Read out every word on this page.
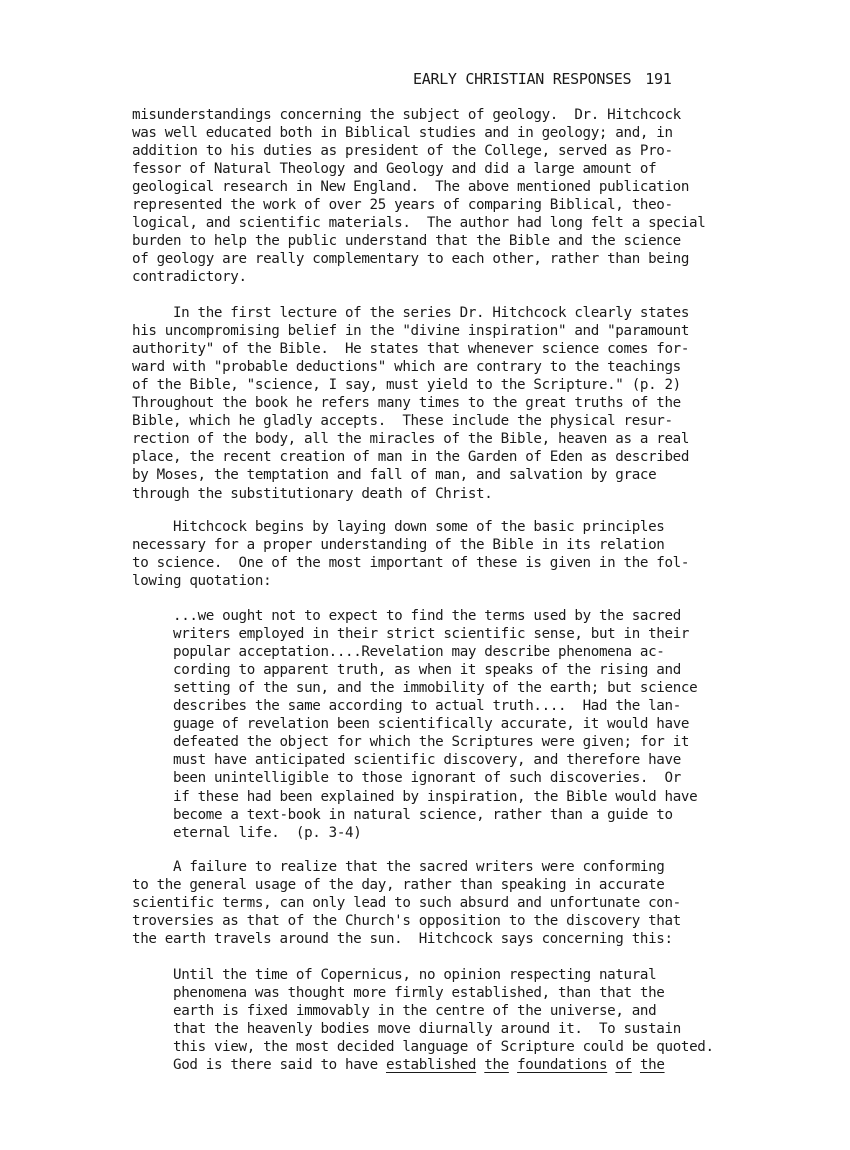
EARLY CHRISTIAN RESPONSES 191
misunderstandings concerning the subject of geology.  Dr. Hitchcock
was well educated both in Biblical studies and in geology; and, in
addition to his duties as president of the College, served as Pro-
fessor of Natural Theology and Geology and did a large amount of
geological research in New England.  The above mentioned publication
represented the work of over 25 years of comparing Biblical, theo-
logical, and scientific materials.  The author had long felt a special
burden to help the public understand that the Bible and the science
of geology are really complementary to each other, rather than being
contradictory.
In the first lecture of the series Dr. Hitchcock clearly states
his uncompromising belief in the "divine inspiration" and "paramount
authority" of the Bible.  He states that whenever science comes for-
ward with "probable deductions" which are contrary to the teachings
of the Bible, "science, I say, must yield to the Scripture." (p. 2)
Throughout the book he refers many times to the great truths of the
Bible, which he gladly accepts.  These include the physical resur-
rection of the body, all the miracles of the Bible, heaven as a real
place, the recent creation of man in the Garden of Eden as described
by Moses, the temptation and fall of man, and salvation by grace
through the substitutionary death of Christ.
Hitchcock begins by laying down some of the basic principles
necessary for a proper understanding of the Bible in its relation
to science.  One of the most important of these is given in the fol-
lowing quotation:
...we ought not to expect to find the terms used by the sacred
writers employed in their strict scientific sense, but in their
popular acceptation....Revelation may describe phenomena ac-
cording to apparent truth, as when it speaks of the rising and
setting of the sun, and the immobility of the earth; but science
describes the same according to actual truth....  Had the lan-
guage of revelation been scientifically accurate, it would have
defeated the object for which the Scriptures were given; for it
must have anticipated scientific discovery, and therefore have
been unintelligible to those ignorant of such discoveries.  Or
if these had been explained by inspiration, the Bible would have
become a text-book in natural science, rather than a guide to
eternal life.  (p. 3-4)
A failure to realize that the sacred writers were conforming
to the general usage of the day, rather than speaking in accurate
scientific terms, can only lead to such absurd and unfortunate con-
troversies as that of the Church's opposition to the discovery that
the earth travels around the sun.  Hitchcock says concerning this:
Until the time of Copernicus, no opinion respecting natural
phenomena was thought more firmly established, than that the
earth is fixed immovably in the centre of the universe, and
that the heavenly bodies move diurnally around it.  To sustain
this view, the most decided language of Scripture could be quoted.
God is there said to have established the foundations of the
